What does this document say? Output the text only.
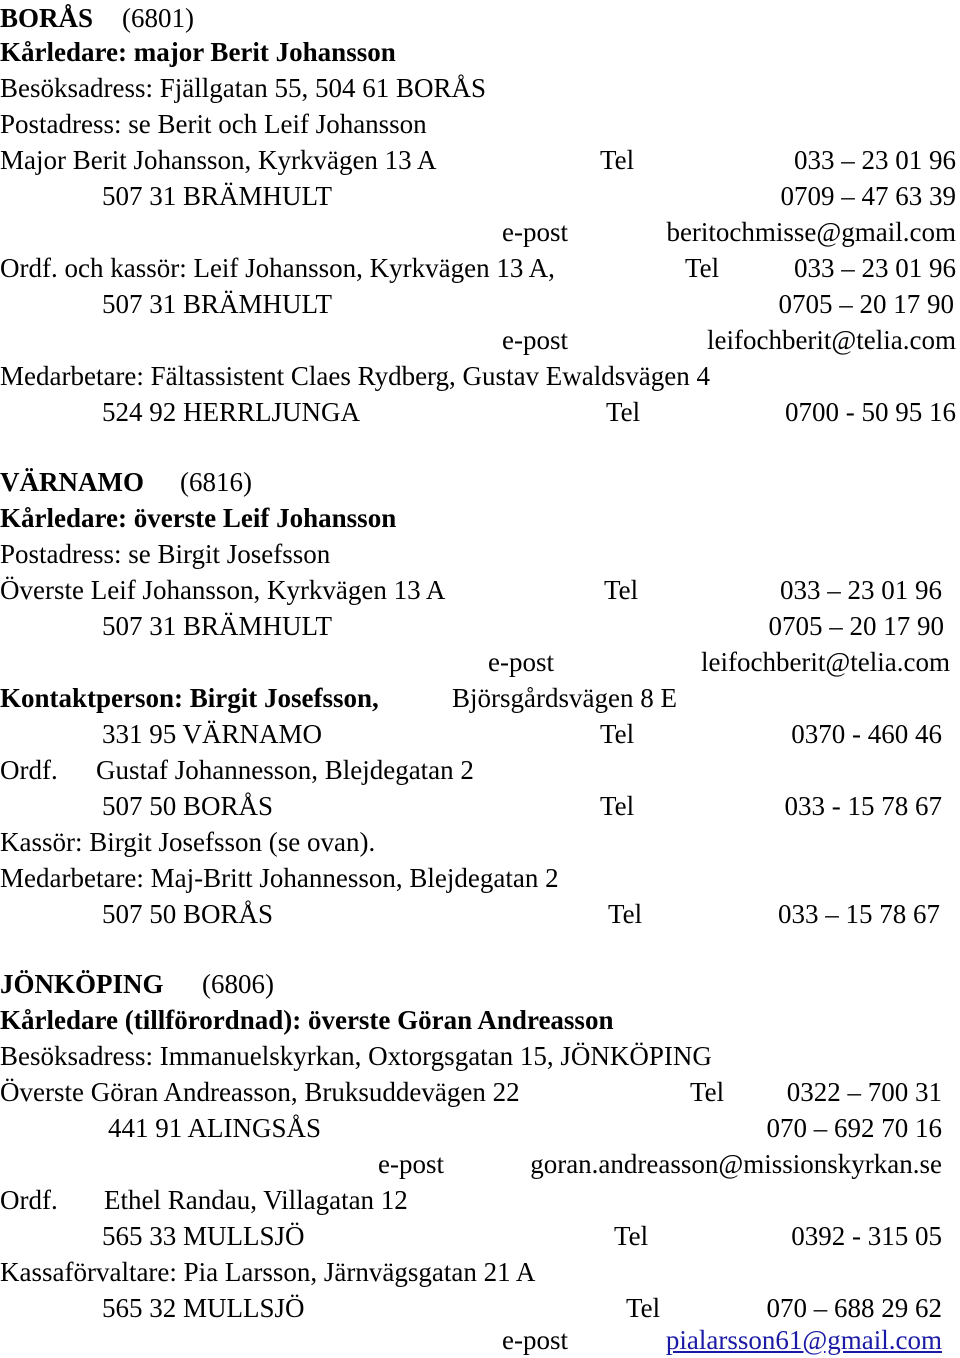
BORÅS (6801)
Kårledare: major Berit Johansson
Besöksadress: Fjällgatan 55, 504 61 BORÅS
Postadress: se Berit och Leif Johansson
Major Berit Johansson, Kyrkvägen 13 A	Tel	033 – 23 01 96
507 31 BRÄMHULT	0709 – 47 63 39
e-post	beritochmisse@gmail.com
Ordf. och kassör: Leif Johansson, Kyrkvägen 13 A,	Tel	033 – 23 01 96
507 31 BRÄMHULT	0705 – 20 17 90
e-post	leifochberit@telia.com
Medarbetare: Fältassistent Claes Rydberg, Gustav Ewaldsvägen 4
524 92 HERRLJUNGA	Tel	0700 - 50 95 16
VÄRNAMO (6816)
Kårledare: överste Leif Johansson
Postadress: se Birgit Josefsson
Överste Leif Johansson, Kyrkvägen 13 A	Tel	033 – 23 01 96
507 31 BRÄMHULT	0705 – 20 17 90
e-post	leifochberit@telia.com
Kontaktperson: Birgit Josefsson,	Björsgårdsvägen 8 E
331 95 VÄRNAMO	Tel	0370 - 460 46
Ordf. Gustaf Johannesson, Blejdegatan 2
507 50 BORÅS	Tel	033 - 15 78 67
Kassör: Birgit Josefsson (se ovan).
Medarbetare: Maj-Britt Johannesson, Blejdegatan 2
507 50 BORÅS	Tel	033 – 15 78 67
JÖNKÖPING (6806)
Kårledare (tillförordnad): överste Göran Andreasson
Besöksadress: Immanuelskyrkan, Oxtorgsgatan 15, JÖNKÖPING
Överste Göran Andreasson, Bruksuddevägen 22	Tel 0322 – 700 31
441 91 ALINGSÅS	070 – 692 70 16
e-post	goran.andreasson@missionskyrkan.se
Ordf. Ethel Randau, Villagatan 12
565 33 MULLSJÖ	Tel	0392 - 315 05
Kassaförvaltare: Pia Larsson, Järnvägsgatan 21 A
565 32 MULLSJÖ	Tel	070 – 688 29 62
e-post	pialarsson61@gmail.com
